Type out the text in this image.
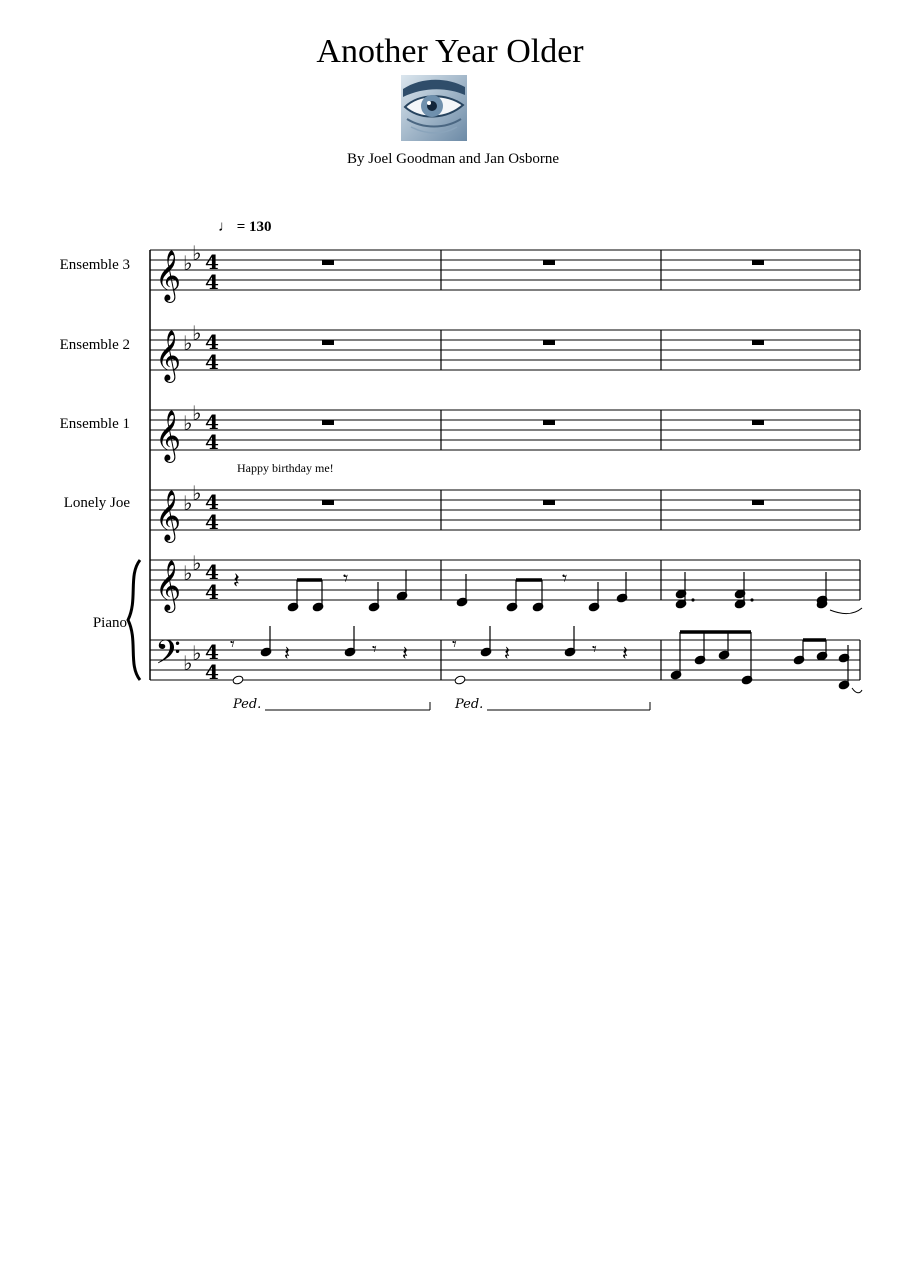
Another Year Older
By Joel Goodman and Jan Osborne
♩ = 130
Ensemble 3
Ensemble 2
Ensemble 1
Lonely Joe
Piano
Happy birthday me!
𝄞 ♭ ♭ 4
4
𝄞 ♭ ♭ 4
4
𝄞 ♭ ♭ 4
4
𝄞 ♭ ♭ 4
4
𝄞 ♭ ♭ 4
4
𝄢 ♭ ♭ 4
4
𝄽	𝄾	𝄾
𝄾 𝄽	𝄾 𝄽 𝄾 𝄽	𝄾 𝄽
Ped.	Ped.
